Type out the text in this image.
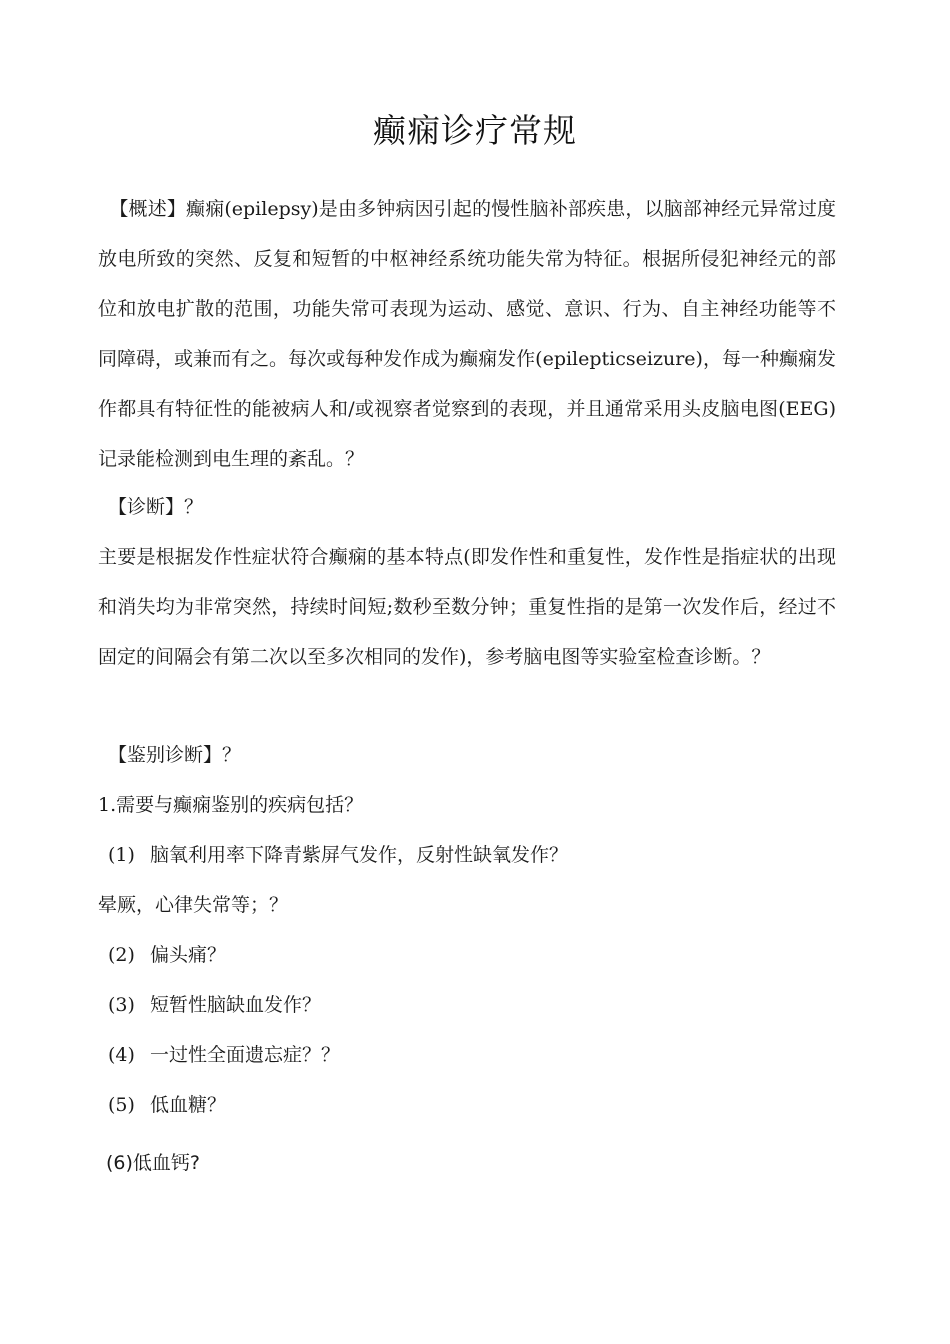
癫痫诊疗常规

【概述】癫痫(epilepsy)是由多钟病因引起的慢性脑补部疾患，以脑部神经元异常过度放电所致的突然、反复和短暂的中枢神经系统功能失常为特征。根据所侵犯神经元的部位和放电扩散的范围，功能失常可表现为运动、感觉、意识、行为、自主神经功能等不同障碍，或兼而有之。每次或每种发作成为癫痫发作(epilepticseizure)，每一种癫痫发作都具有特征性的能被病人和/或视察者觉察到的表现，并且通常采用头皮脑电图(EEG)记录能检测到电生理的紊乱。？

【诊断】？

主要是根据发作性症状符合癫痫的基本特点(即发作性和重复性，发作性是指症状的出现和消失均为非常突然，持续时间短;数秒至数分钟；重复性指的是第一次发作后，经过不固定的间隔会有第二次以至多次相同的发作)，参考脑电图等实验室检查诊断。？

【鉴别诊断】？

1.需要与癫痫鉴别的疾病包括？

(1) 脑氧利用率下降青紫屏气发作，反射性缺氧发作？

晕厥，心律失常等；？

(2) 偏头痛？

(3) 短暂性脑缺血发作？

(4) 一过性全面遗忘症？？

(5) 低血糖？

(6)低血钙?
